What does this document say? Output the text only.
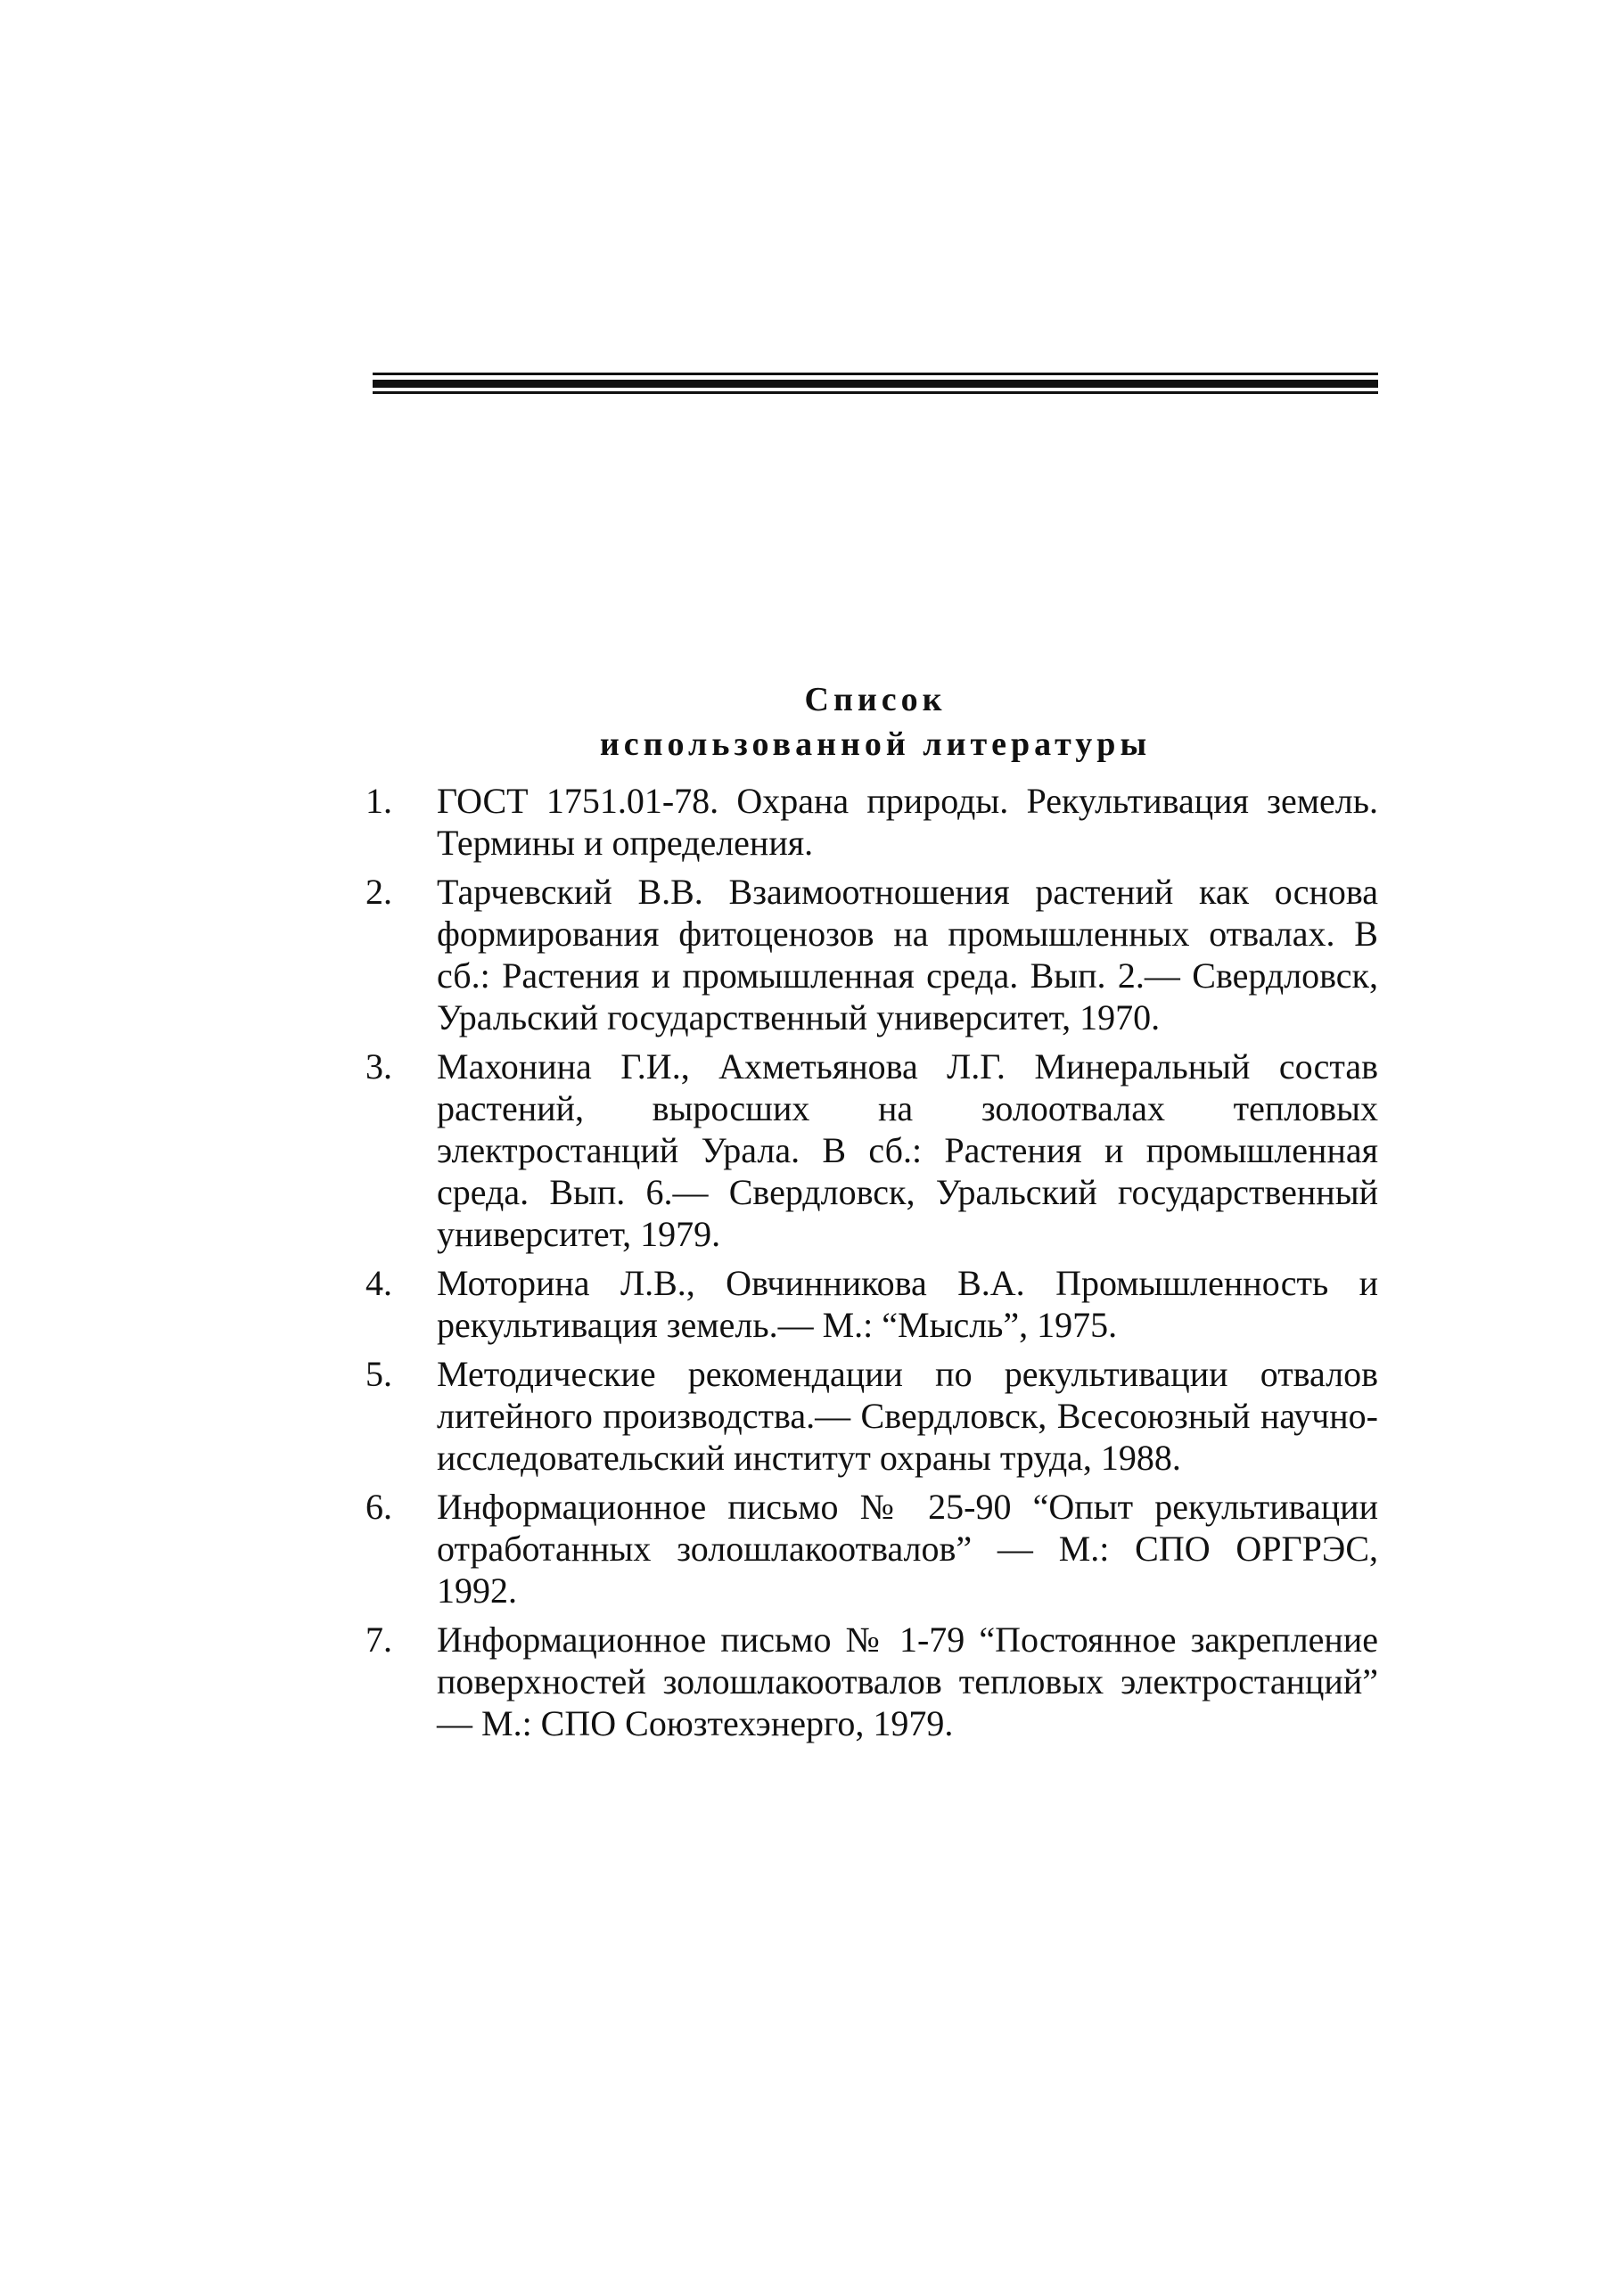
Список
использованной литературы
1.	ГОСТ 1751.01-78. Охрана природы. Рекультивация земель. Термины и определения.
2.	Тарчевский В.В. Взаимоотношения растений как основа формирования фитоценозов на промышленных отвалах. В сб.: Растения и промышленная среда. Вып. 2.— Свердловск, Уральский государственный университет, 1970.
3.	Махонина Г.И., Ахметьянова Л.Г. Минеральный состав растений, выросших на золоотвалах тепловых электростанций Урала. В сб.: Растения и промышленная среда. Вып. 6.— Свердловск, Уральский государственный университет, 1979.
4.	Моторина Л.В., Овчинникова В.А. Промышленность и рекультивация земель.— М.: “Мысль”, 1975.
5.	Методические рекомендации по рекультивации отвалов литейного производства.— Свердловск, Всесоюзный научно-исследовательский институт охраны труда, 1988.
6.	Информационное письмо № 25-90 “Опыт рекультивации отработанных золошлакоотвалов” — М.: СПО ОРГРЭС, 1992.
7.	Информационное письмо № 1-79 “Постоянное закрепление поверхностей золошлакоотвалов тепловых электростанций” — М.: СПО Союзтехэнерго, 1979.
